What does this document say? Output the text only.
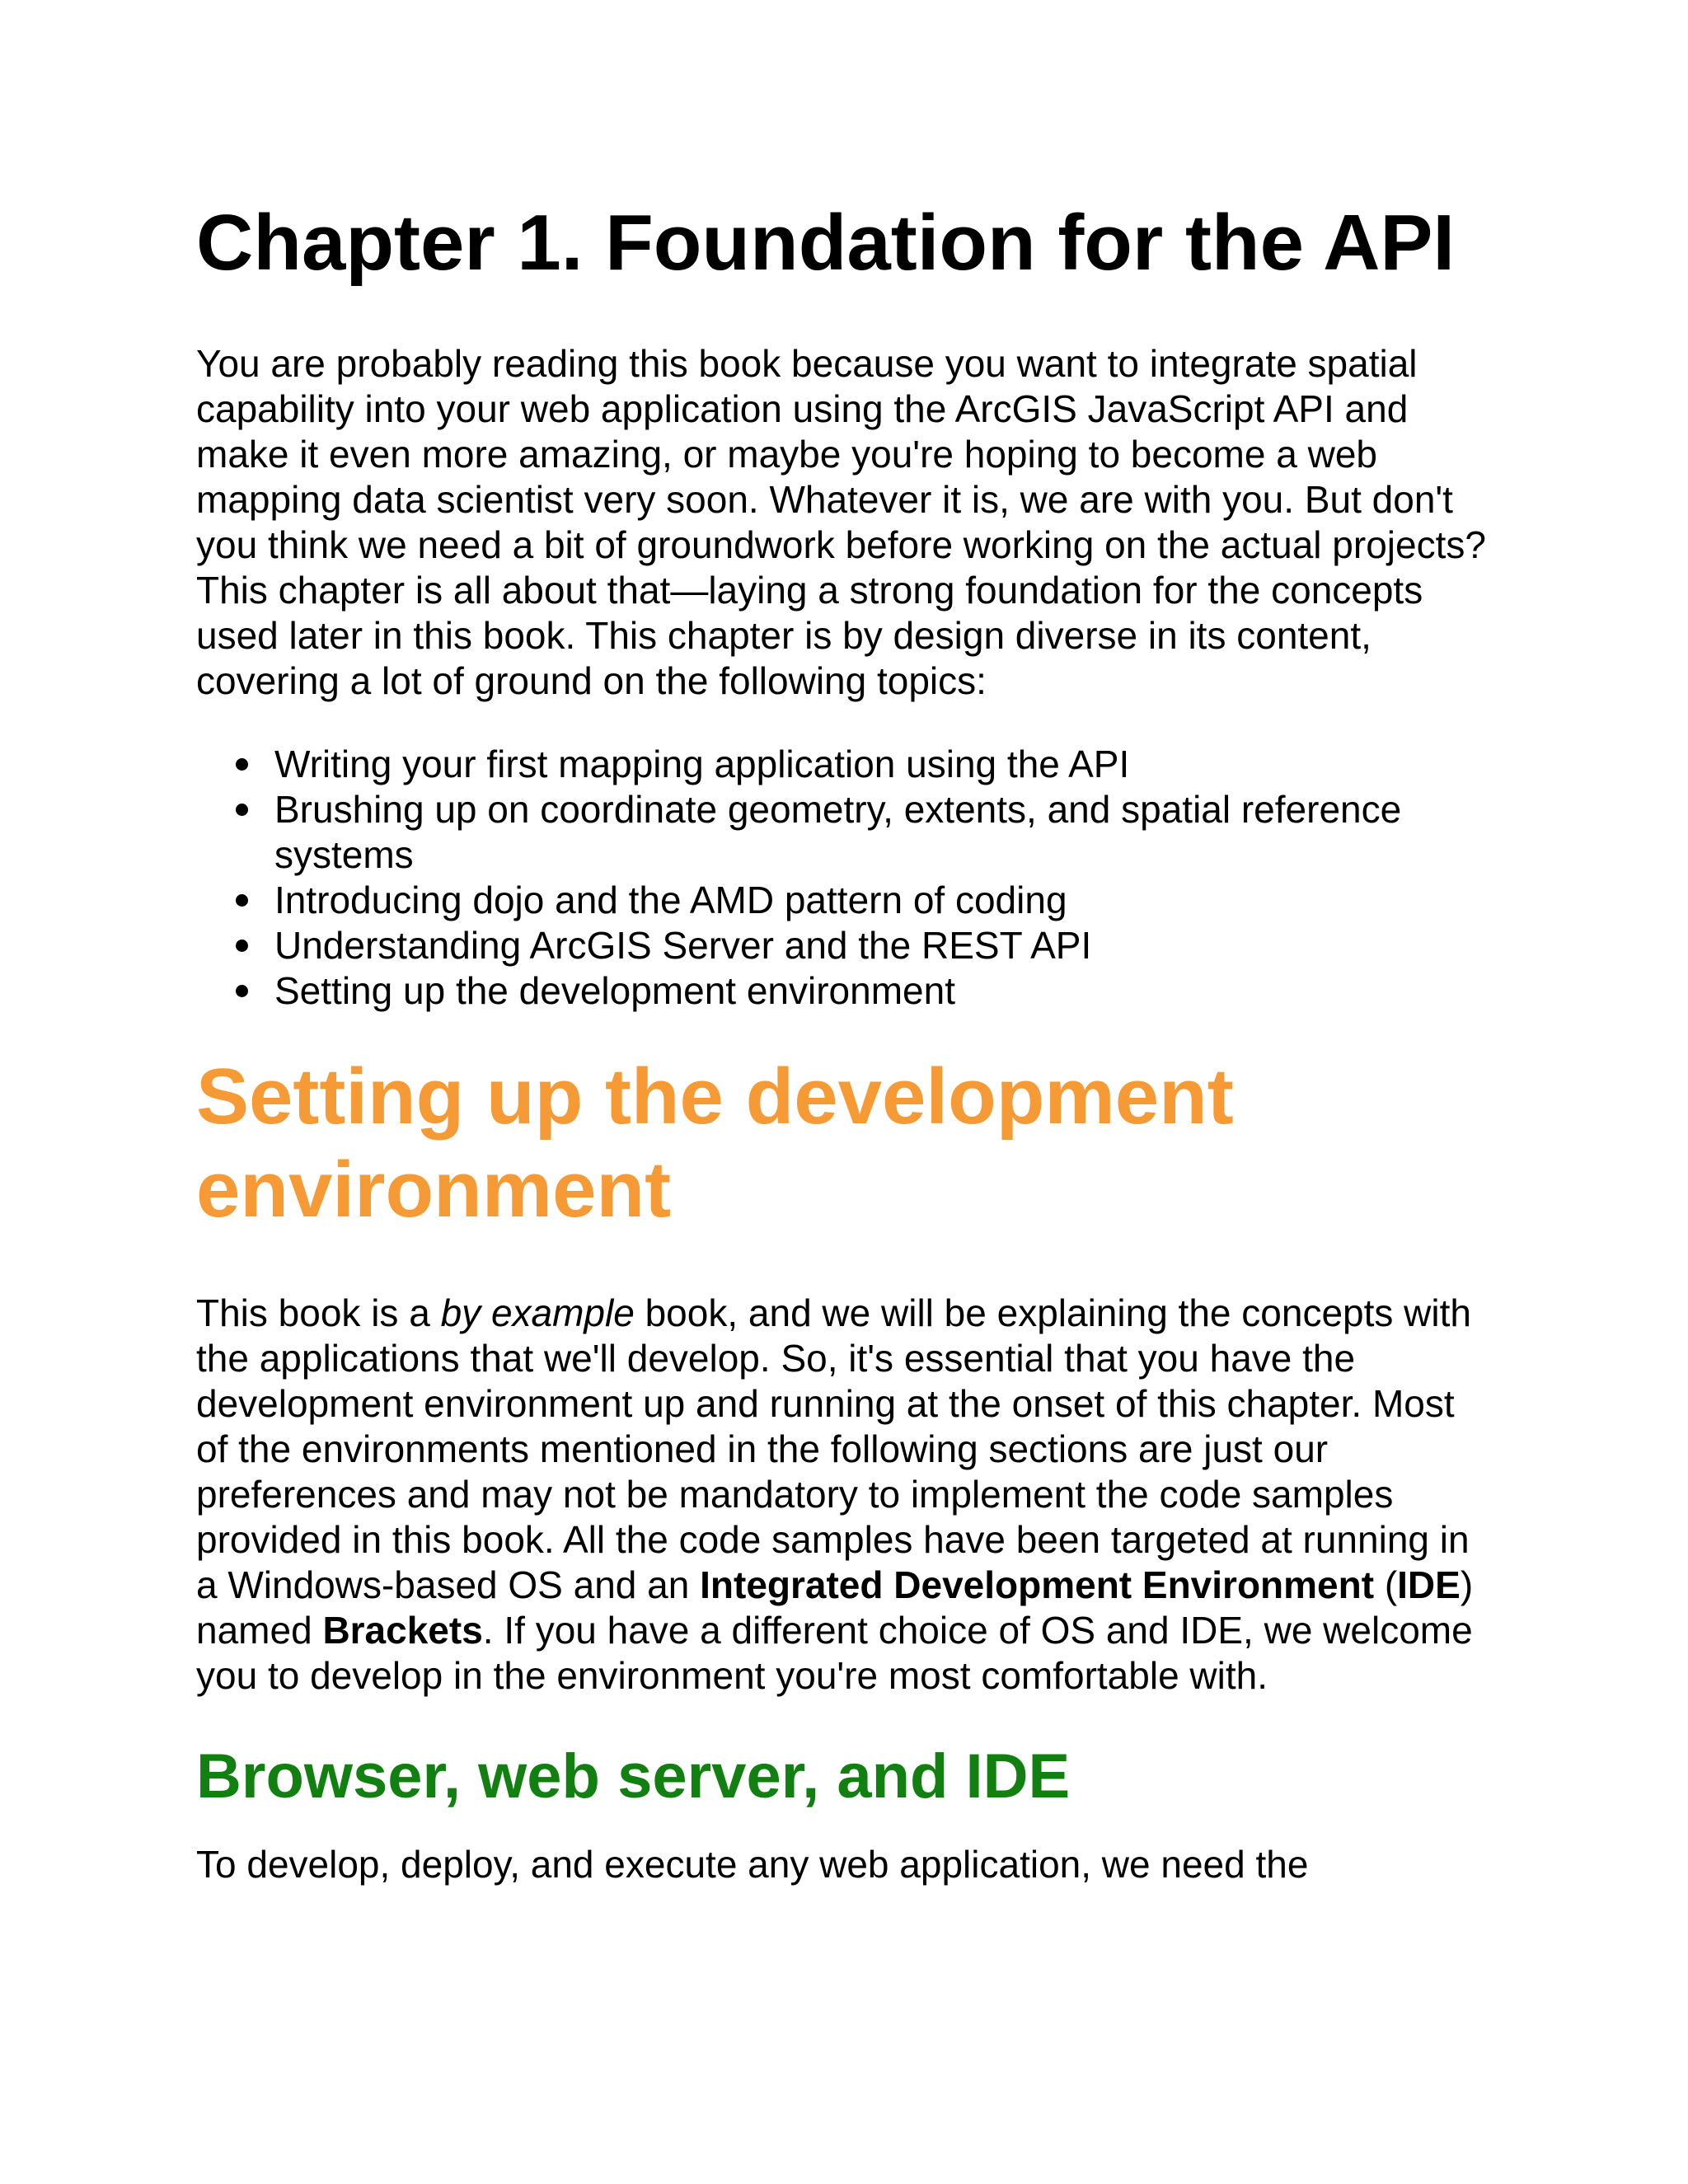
Chapter 1. Foundation for the API

You are probably reading this book because you want to integrate spatial capability into your web application using the ArcGIS JavaScript API and make it even more amazing, or maybe you're hoping to become a web mapping data scientist very soon. Whatever it is, we are with you. But don't you think we need a bit of groundwork before working on the actual projects? This chapter is all about that—laying a strong foundation for the concepts used later in this book. This chapter is by design diverse in its content, covering a lot of ground on the following topics:

Writing your first mapping application using the API
Brushing up on coordinate geometry, extents, and spatial reference systems
Introducing dojo and the AMD pattern of coding
Understanding ArcGIS Server and the REST API
Setting up the development environment
Setting up the development environment

This book is a by example book, and we will be explaining the concepts with the applications that we'll develop. So, it's essential that you have the development environment up and running at the onset of this chapter. Most of the environments mentioned in the following sections are just our preferences and may not be mandatory to implement the code samples provided in this book. All the code samples have been targeted at running in a Windows-based OS and an Integrated Development Environment (IDE) named Brackets. If you have a different choice of OS and IDE, we welcome you to develop in the environment you're most comfortable with.

Browser, web server, and IDE

To develop, deploy, and execute any web application, we need the
